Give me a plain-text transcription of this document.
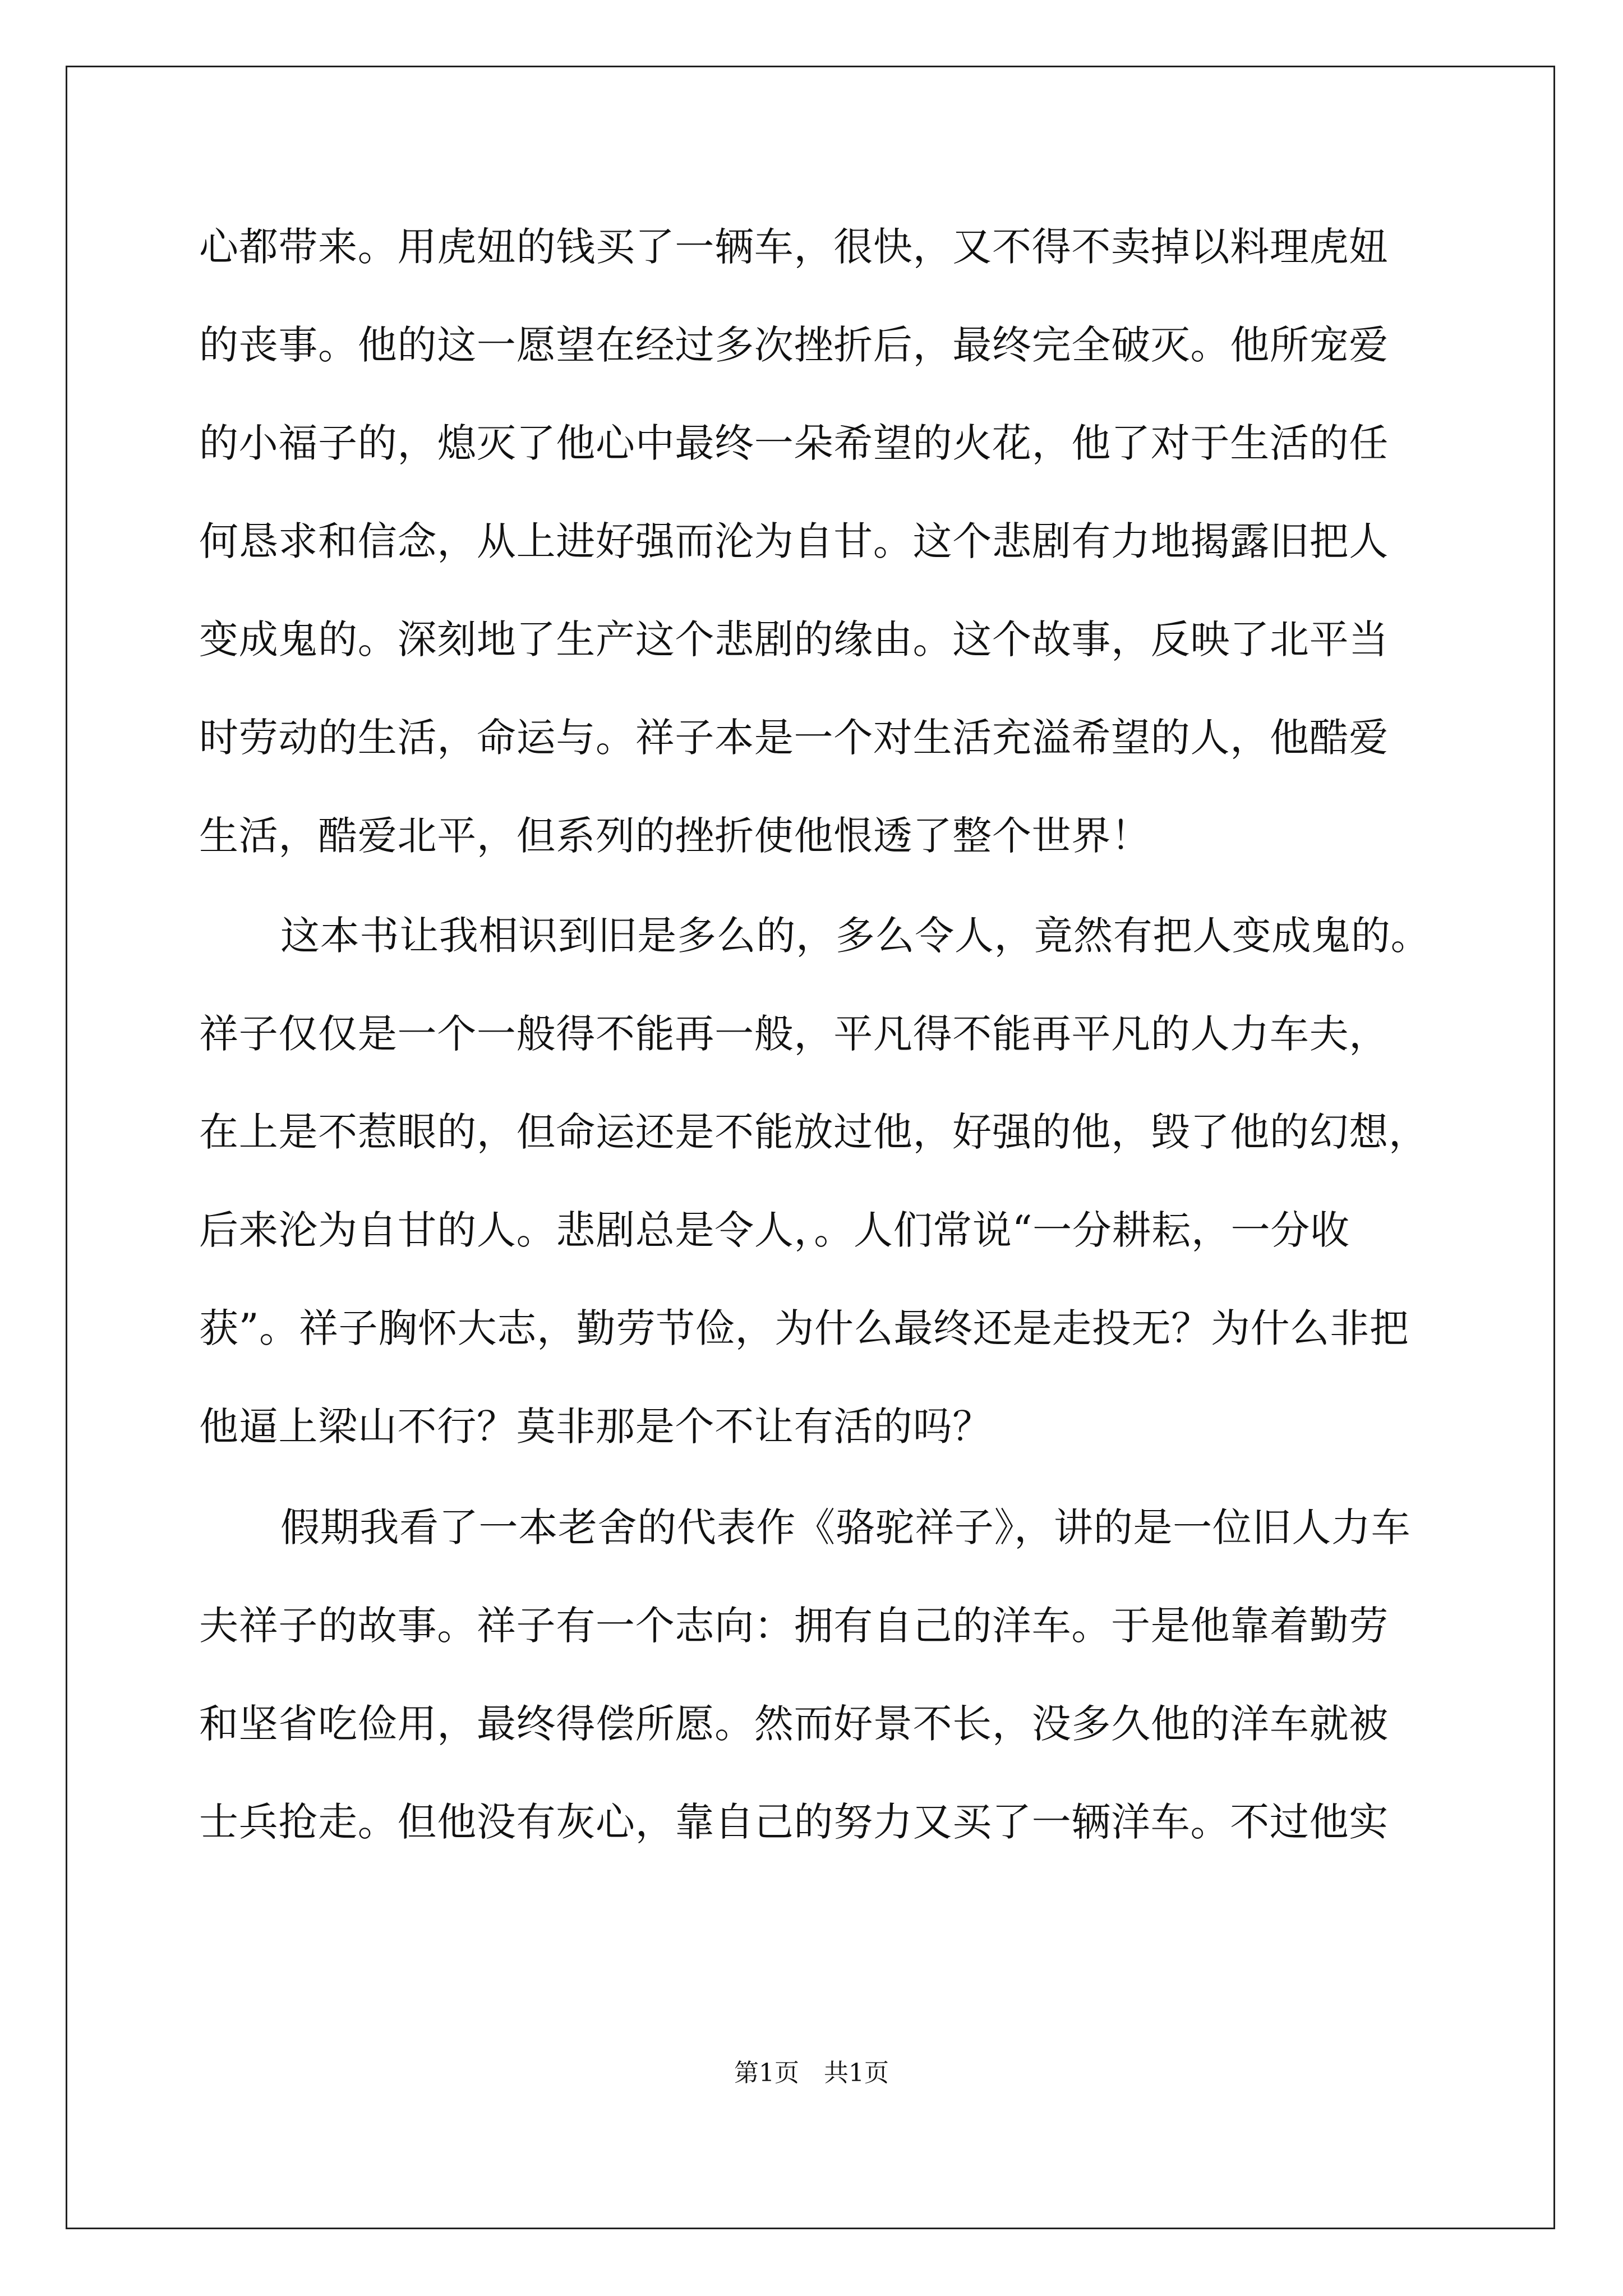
心都带来。用虎妞的钱买了一辆车，很快，又不得不卖掉以料理虎妞
的丧事。他的这一愿望在经过多次挫折后，最终完全破灭。他所宠爱
的小福子的，熄灭了他心中最终一朵希望的火花，他了对于生活的任
何恳求和信念，从上进好强而沦为自甘。这个悲剧有力地揭露旧把人
变成鬼的。深刻地了生产这个悲剧的缘由。这个故事，反映了北平当
时劳动的生活，命运与。祥子本是一个对生活充溢希望的人，他酷爱
生活，酷爱北平，但系列的挫折使他恨透了整个世界！
这本书让我相识到旧是多么的，多么令人，竟然有把人变成鬼的。
祥子仅仅是一个一般得不能再一般，平凡得不能再平凡的人力车夫，
在上是不惹眼的，但命运还是不能放过他，好强的他，毁了他的幻想，
后来沦为自甘的人。悲剧总是令人，。人们常说“一分耕耘，一分收
获”。祥子胸怀大志，勤劳节俭，为什么最终还是走投无？为什么非把
他逼上梁山不行？莫非那是个不让有活的吗？
假期我看了一本老舍的代表作《骆驼祥子》，讲的是一位旧人力车
夫祥子的故事。祥子有一个志向：拥有自己的洋车。于是他靠着勤劳
和坚省吃俭用，最终得偿所愿。然而好景不长，没多久他的洋车就被
士兵抢走。但他没有灰心，靠自己的努力又买了一辆洋车。不过他实
第1页　共1页
